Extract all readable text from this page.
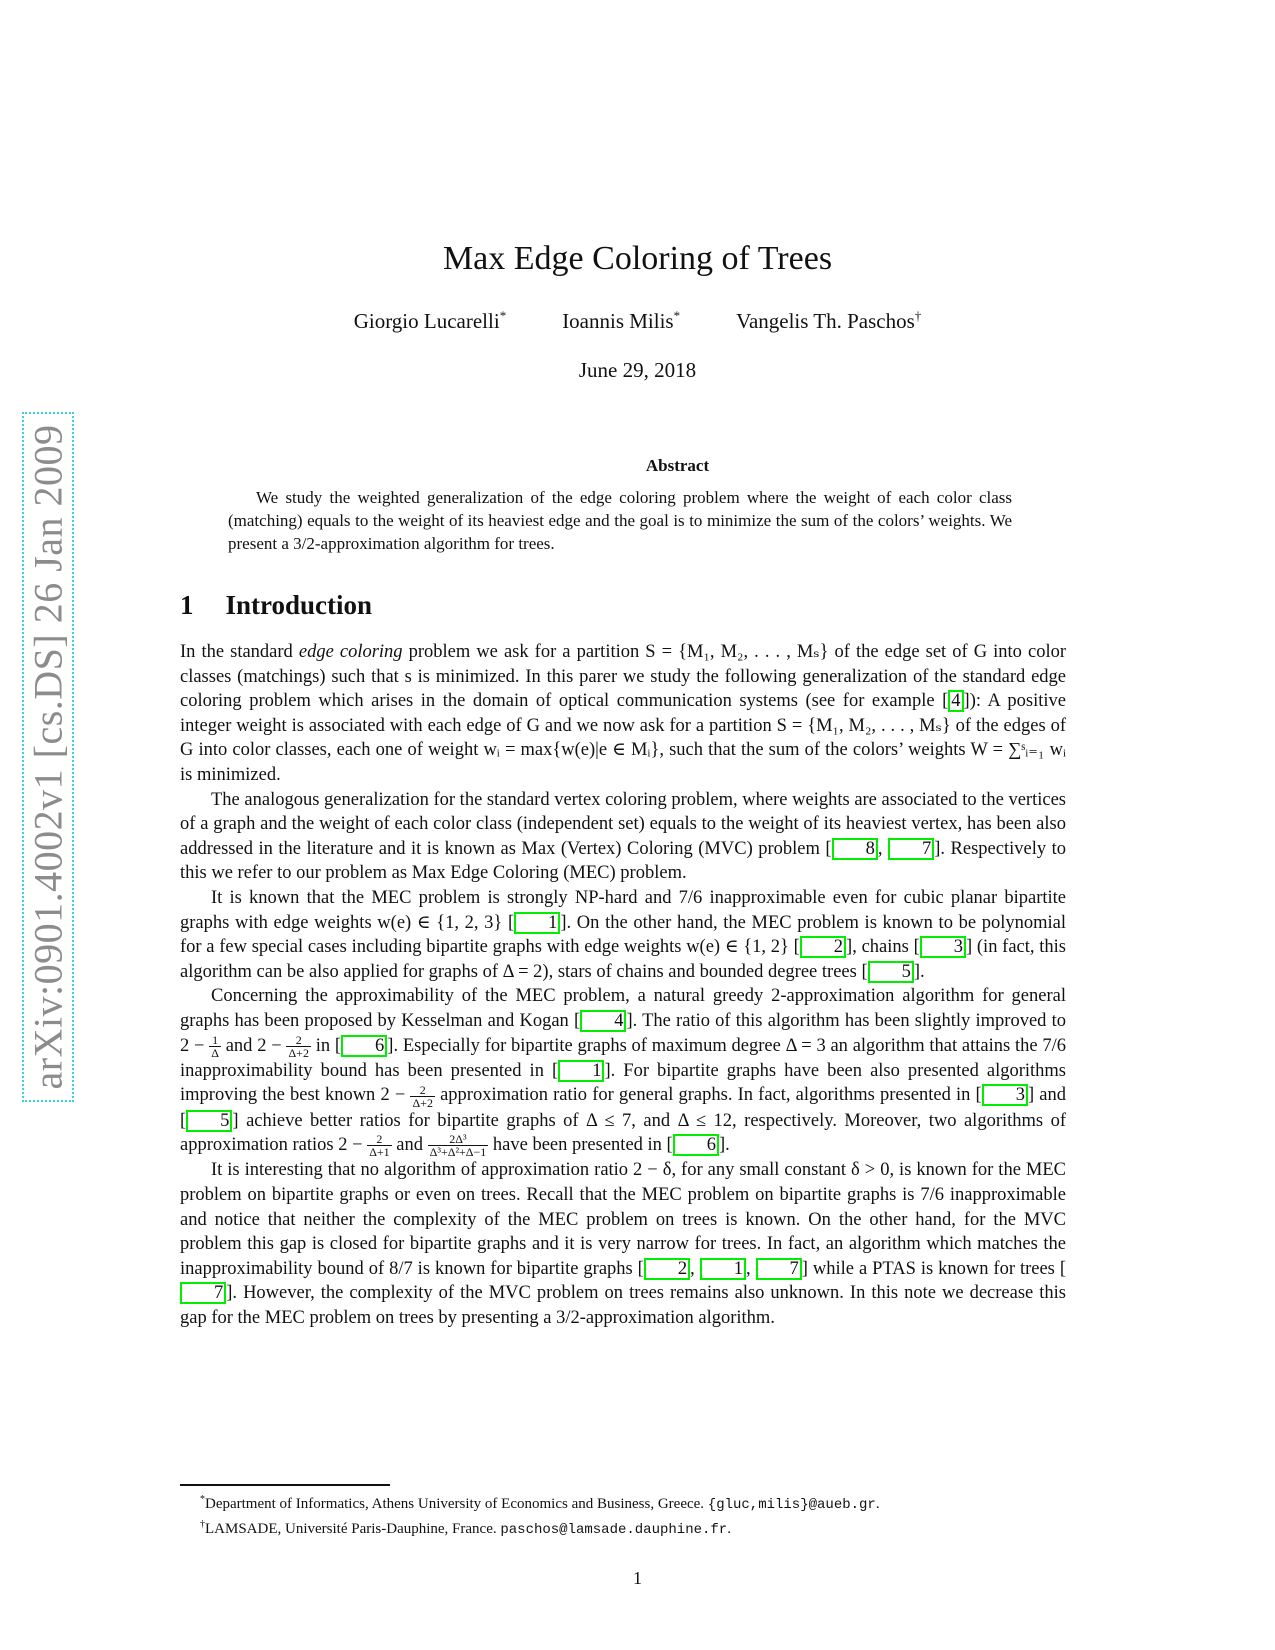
arXiv:0901.4002v1 [cs.DS] 26 Jan 2009
Max Edge Coloring of Trees
Giorgio Lucarelli*	Ioannis Milis*	Vangelis Th. Paschos†
June 29, 2018
Abstract
We study the weighted generalization of the edge coloring problem where the weight of each color class (matching) equals to the weight of its heaviest edge and the goal is to minimize the sum of the colors’ weights. We present a 3/2-approximation algorithm for trees.
1 Introduction

In the standard edge coloring problem we ask for a partition S = {M₁, M₂, . . . , Mₛ} of the edge set of G into color classes (matchings) such that s is minimized. In this parer we study the following generalization of the standard edge coloring problem which arises in the domain of optical communication systems (see for example [ 4 ]): A positive integer weight is associated with each edge of G and we now ask for a partition S = {M₁, M₂, . . . , Mₛ} of the edges of G into color classes, each one of weight wᵢ = max{w(e)|e ∈ Mᵢ}, such that the sum of the colors’ weights W = ∑ˢᵢ₌₁ wᵢ is minimized.

The analogous generalization for the standard vertex coloring problem, where weights are associated to the vertices of a graph and the weight of each color class (independent set) equals to the weight of its heaviest vertex, has been also addressed in the literature and it is known as Max (Vertex) Coloring (MVC) problem [ 8 , 7 ]. Respectively to this we refer to our problem as Max Edge Coloring (MEC) problem.

It is known that the MEC problem is strongly NP-hard and 7/6 inapproximable even for cubic planar bipartite graphs with edge weights w(e) ∈ {1, 2, 3} [ 1 ]. On the other hand, the MEC problem is known to be polynomial for a few special cases including bipartite graphs with edge weights w(e) ∈ {1, 2} [ 2 ], chains [ 3 ] (in fact, this algorithm can be also applied for graphs of Δ = 2), stars of chains and bounded degree trees [ 5 ].

Concerning the approximability of the MEC problem, a natural greedy 2-approximation algorithm for general graphs has been proposed by Kesselman and Kogan [ 4 ]. The ratio of this algorithm has been slightly improved to $2 - \frac{1}{\Delta}$ and $2 - \frac{2}{\Delta+2}$ in [ 6 ]. Especially for bipartite graphs of maximum degree Δ = 3 an algorithm that attains the 7/6 inapproximability bound has been presented in [ 1 ]. For bipartite graphs have been also presented algorithms improving the best known $2 - \frac{2}{\Delta+2}$ approximation ratio for general graphs. In fact, algorithms presented in [ 3 ] and [ 5 ] achieve better ratios for bipartite graphs of Δ ≤ 7, and Δ ≤ 12, respectively. Moreover, two algorithms of approximation ratios $2 - \frac{2}{\Delta+1}$ and $\frac{\text{2Δ³}}{\text{Δ³+Δ²+Δ−1}}$ have been presented in [ 6 ].

It is interesting that no algorithm of approximation ratio 2 − δ, for any small constant δ > 0, is known for the MEC problem on bipartite graphs or even on trees. Recall that the MEC problem on bipartite graphs is 7/6 inapproximable and notice that neither the complexity of the MEC problem on trees is known. On the other hand, for the MVC problem this gap is closed for bipartite graphs and it is very narrow for trees. In fact, an algorithm which matches the inapproximability bound of 8/7 is known for bipartite graphs [ 2 , 1 , 7 ] while a PTAS is known for trees [7 ]. However, the complexity of the MVC problem on trees remains also unknown. In this note we decrease this gap for the MEC problem on trees by presenting a 3/2-approximation algorithm.

*Department of Informatics, Athens University of Economics and Business, Greece. {gluc,milis}@aueb.gr.
†LAMSADE, Université Paris-Dauphine, France. paschos@lamsade.dauphine.fr.
1
